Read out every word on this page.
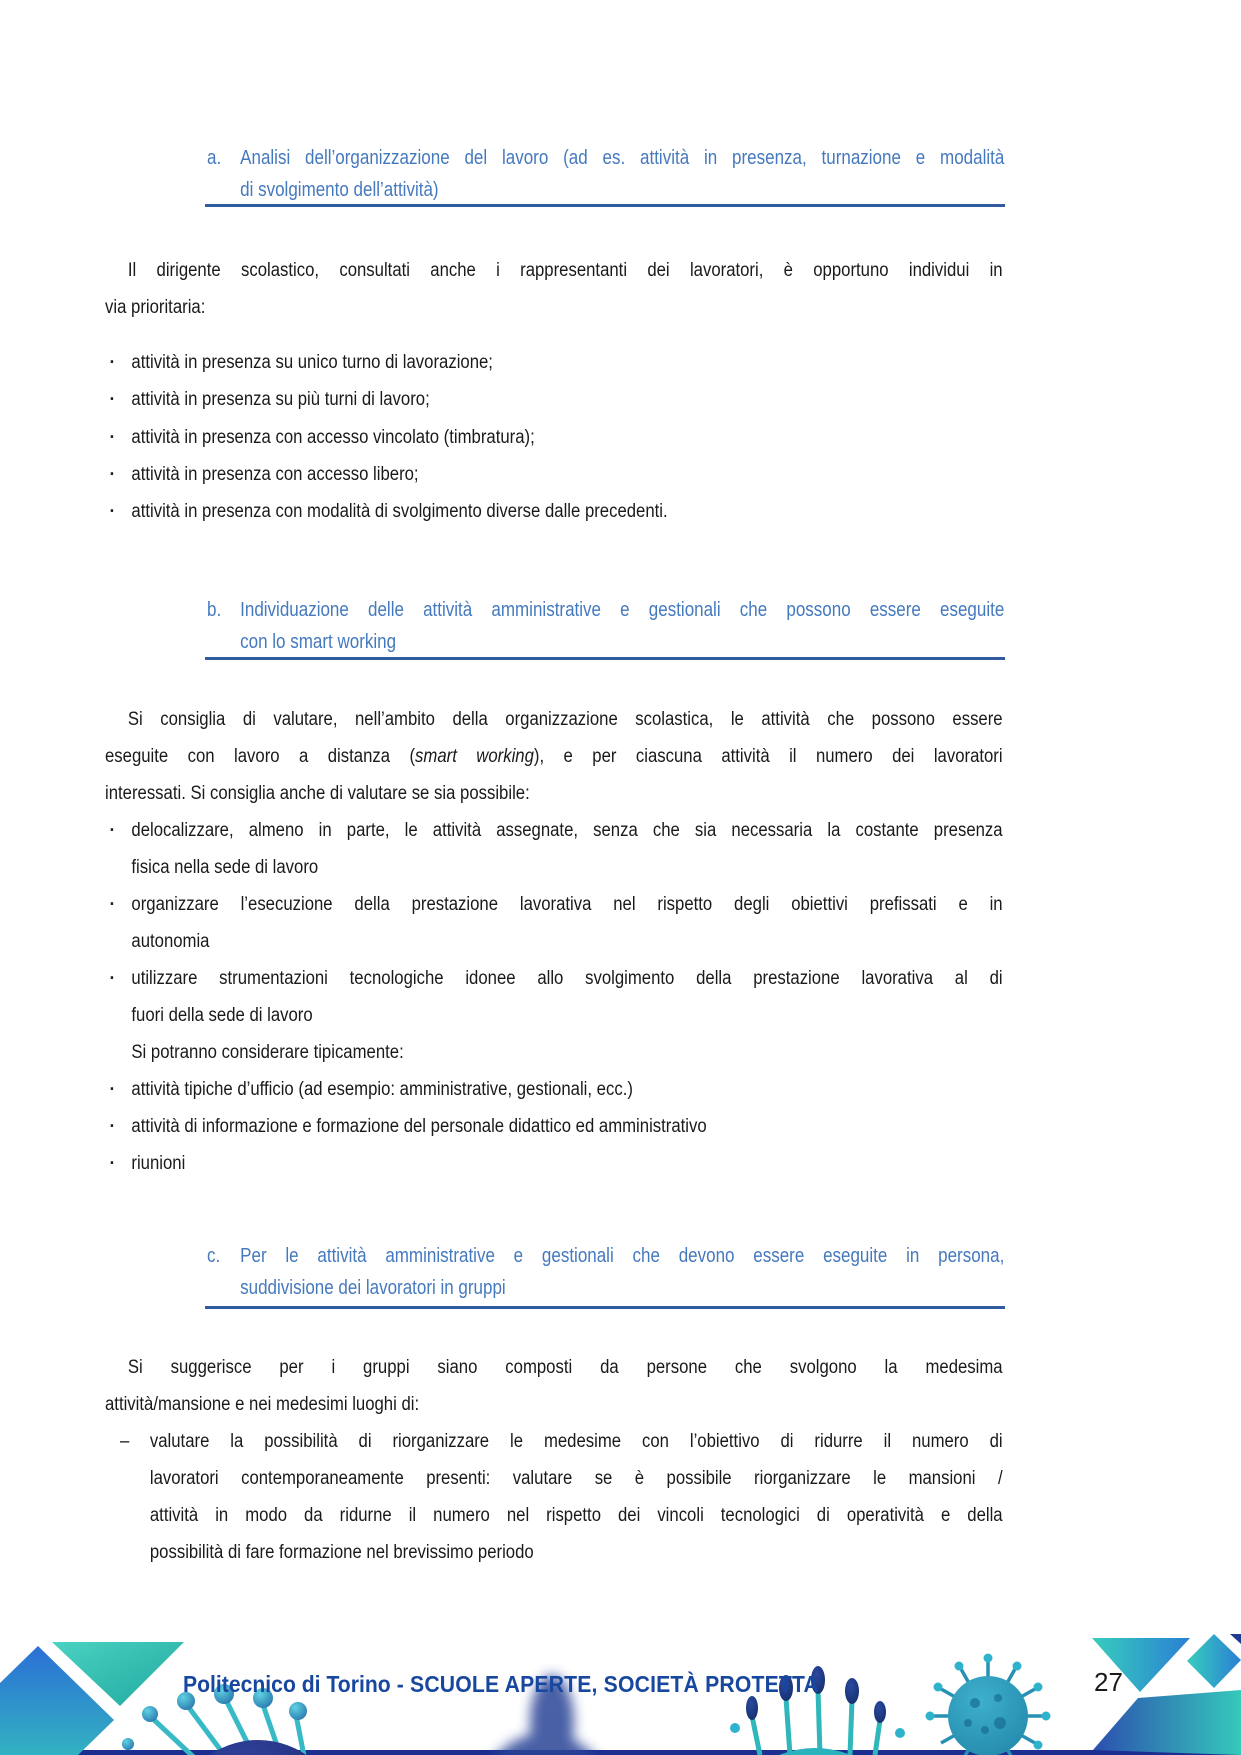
a. Analisi dell’organizzazione del lavoro (ad es. attività in presenza, turnazione e modalità
di svolgimento dell’attività)
Il dirigente scolastico, consultati anche i rappresentanti dei lavoratori, è opportuno individui in
via prioritaria:
▪ attività in presenza su unico turno di lavorazione;
▪ attività in presenza su più turni di lavoro;
▪ attività in presenza con accesso vincolato (timbratura);
▪ attività in presenza con accesso libero;
▪ attività in presenza con modalità di svolgimento diverse dalle precedenti.
b. Individuazione delle attività amministrative e gestionali che possono essere eseguite
con lo smart working
Si consiglia di valutare, nell’ambito della organizzazione scolastica, le attività che possono essere
eseguite con lavoro a distanza (smart working), e per ciascuna attività il numero dei lavoratori
interessati. Si consiglia anche di valutare se sia possibile:
▪ delocalizzare, almeno in parte, le attività assegnate, senza che sia necessaria la costante presenza
fisica nella sede di lavoro
▪ organizzare l’esecuzione della prestazione lavorativa nel rispetto degli obiettivi prefissati e in
autonomia
▪ utilizzare strumentazioni tecnologiche idonee allo svolgimento della prestazione lavorativa al di
fuori della sede di lavoro
Si potranno considerare tipicamente:
▪ attività tipiche d’ufficio (ad esempio: amministrative, gestionali, ecc.)
▪ attività di informazione e formazione del personale didattico ed amministrativo
▪ riunioni
c. Per le attività amministrative e gestionali che devono essere eseguite in persona,
suddivisione dei lavoratori in gruppi
Si suggerisce per i gruppi siano composti da persone che svolgono la medesima
attività/mansione e nei medesimi luoghi di:
–	valutare la possibilità di riorganizzare le medesime con l’obiettivo di ridurre il numero di
lavoratori contemporaneamente presenti: valutare se è possibile riorganizzare le mansioni /
attività in modo da ridurne il numero nel rispetto dei vincoli tecnologici di operatività e della
possibilità di fare formazione nel brevissimo periodo
Politecnico di Torino - SCUOLE APERTE, SOCIETÀ PROTETTA	27
